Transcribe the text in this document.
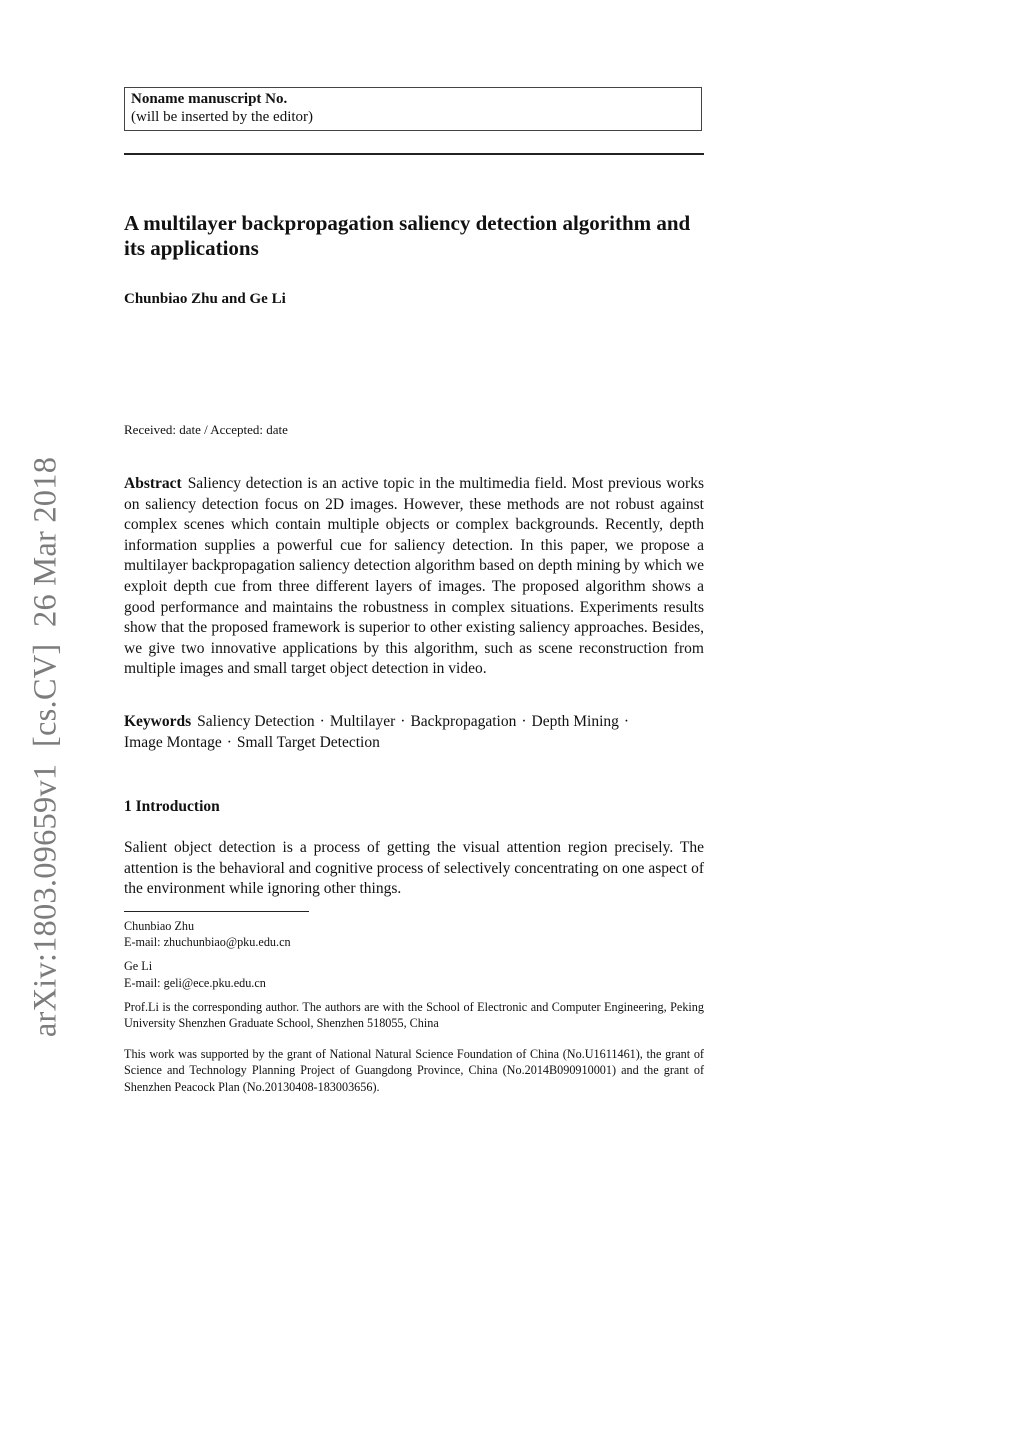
arXiv:1803.09659v1  [cs.CV]  26 Mar 2018
Noname manuscript No.
(will be inserted by the editor)
A multilayer backpropagation saliency detection algorithm and its applications
Chunbiao Zhu and Ge Li
Received: date / Accepted: date

Abstract Saliency detection is an active topic in the multimedia field. Most previous works on saliency detection focus on 2D images. However, these methods are not robust against complex scenes which contain multiple objects or complex backgrounds. Recently, depth information supplies a powerful cue for saliency detection. In this paper, we propose a multilayer backpropagation saliency detection algorithm based on depth mining by which we exploit depth cue from three different layers of images. The proposed algorithm shows a good performance and maintains the robustness in complex situations. Experiments results show that the proposed framework is superior to other existing saliency approaches. Besides, we give two innovative applications by this algorithm, such as scene reconstruction from multiple images and small target object detection in video.

Keywords Saliency Detection · Multilayer · Backpropagation · Depth Mining ·
Image Montage · Small Target Detection

1 Introduction

Salient object detection is a process of getting the visual attention region precisely. The attention is the behavioral and cognitive process of selectively concentrating on one aspect of the environment while ignoring other things.

Chunbiao Zhu
E-mail: zhuchunbiao@pku.edu.cn
Ge Li
E-mail: geli@ece.pku.edu.cn
Prof.Li is the corresponding author. The authors are with the School of Electronic and Computer Engineering, Peking University Shenzhen Graduate School, Shenzhen 518055, China
This work was supported by the grant of National Natural Science Foundation of China (No.U1611461), the grant of Science and Technology Planning Project of Guangdong Province, China (No.2014B090910001) and the grant of Shenzhen Peacock Plan (No.20130408-183003656).
